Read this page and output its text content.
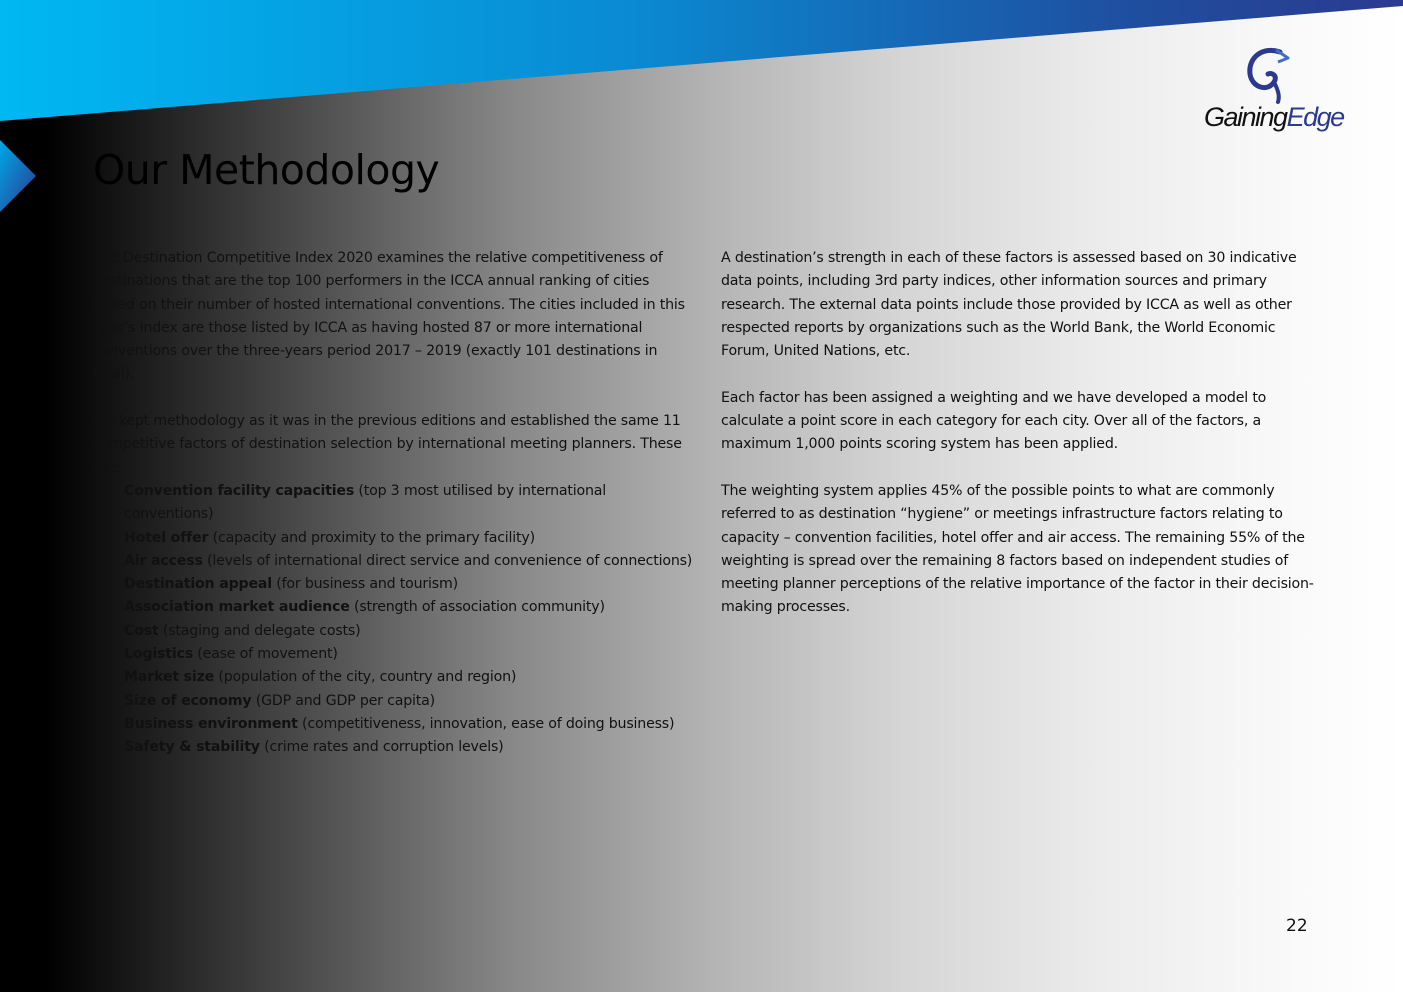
GainingEdge
Our Methodology

The Destination Competitive Index 2020 examines the relative competitiveness of destinations that are the top 100 performers in the ICCA annual ranking of cities based on their number of hosted international conventions. The cities included in this year’s index are those listed by ICCA as having hosted 87 or more international conventions over the three-years period 2017 – 2019 (exactly 101 destinations in total).

We kept methodology as it was in the previous editions and established the same 11 competitive factors of destination selection by international meeting planners. These are:

• Convention facility capacities (top 3 most utilised by international conventions)
• Hotel offer (capacity and proximity to the primary facility)
• Air access (levels of international direct service and convenience of connections)
• Destination appeal (for business and tourism)
• Association market audience (strength of association community)
• Cost (staging and delegate costs)
• Logistics (ease of movement)
• Market size (population of the city, country and region)
• Size of economy (GDP and GDP per capita)
• Business environment (competitiveness, innovation, ease of doing business)
• Safety & stability (crime rates and corruption levels)

A destination’s strength in each of these factors is assessed based on 30 indicative data points, including 3rd party indices, other information sources and primary research. The external data points include those provided by ICCA as well as other respected reports by organizations such as the World Bank, the World Economic Forum, United Nations, etc.

Each factor has been assigned a weighting and we have developed a model to calculate a point score in each category for each city. Over all of the factors, a maximum 1,000 points scoring system has been applied.

The weighting system applies 45% of the possible points to what are commonly referred to as destination “hygiene” or meetings infrastructure factors relating to capacity – convention facilities, hotel offer and air access. The remaining 55% of the weighting is spread over the remaining 8 factors based on independent studies of meeting planner perceptions of the relative importance of the factor in their decision-making processes.

22
